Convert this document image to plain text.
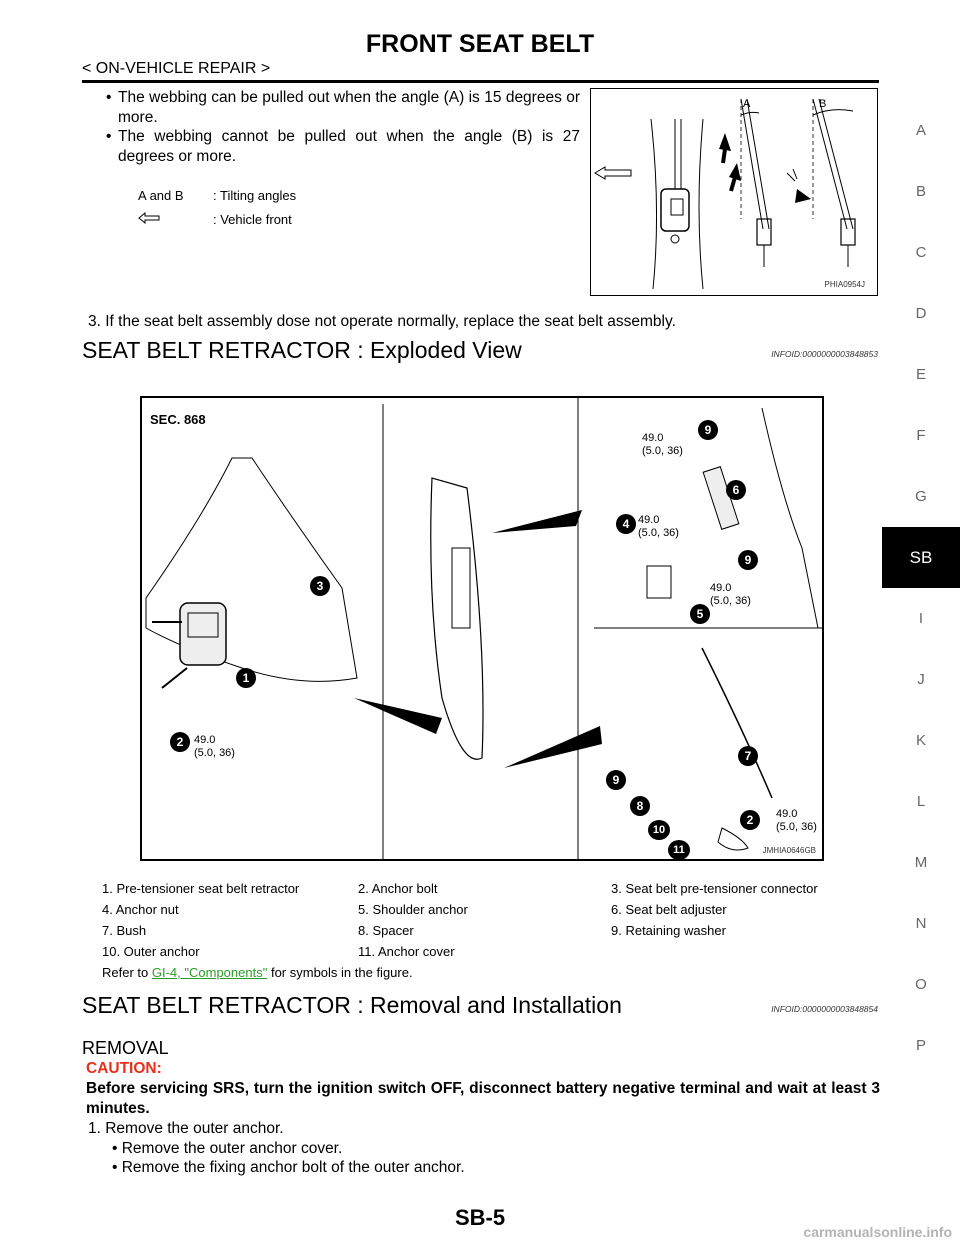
FRONT SEAT BELT
< ON-VEHICLE REPAIR >
A
B
C
D
E
F
G
SB
I
J
K
L
M
N
O
P
• The webbing can be pulled out when the angle (A) is 15 degrees or more.
• The webbing cannot be pulled out when the angle (B) is 27 degrees or more.
A and B	: Tilting angles
: Vehicle front
A	B
PHIA0954J
3. If the seat belt assembly dose not operate normally, replace the seat belt assembly.
SEAT BELT RETRACTOR : Exploded View	INFOID:0000000003848853
SEC. 868
3
1
2 49.0
(5.0, 36)
9
49.0
(5.0, 36)
6
4 49.0
(5.0, 36)
9
49.0
(5.0, 36)
5
9
7
8
2	49.0
(5.0, 36)
10
11	JMHIA0646GB
1. Pre-tensioner seat belt retractor	2. Anchor bolt	3. Seat belt pre-tensioner connector
4. Anchor nut	5. Shoulder anchor	6. Seat belt adjuster
7. Bush	8. Spacer	9. Retaining washer
10. Outer anchor	11. Anchor cover
Refer to
GI-4, "Components"
for symbols in the figure.
SEAT BELT RETRACTOR : Removal and Installation	INFOID:0000000003848854
REMOVAL
CAUTION:
Before servicing SRS, turn the ignition switch OFF, disconnect battery negative terminal and wait at least 3 minutes.
1. Remove the outer anchor.
• Remove the outer anchor cover.
• Remove the fixing anchor bolt of the outer anchor.
SB-5
carmanualsonline.info
